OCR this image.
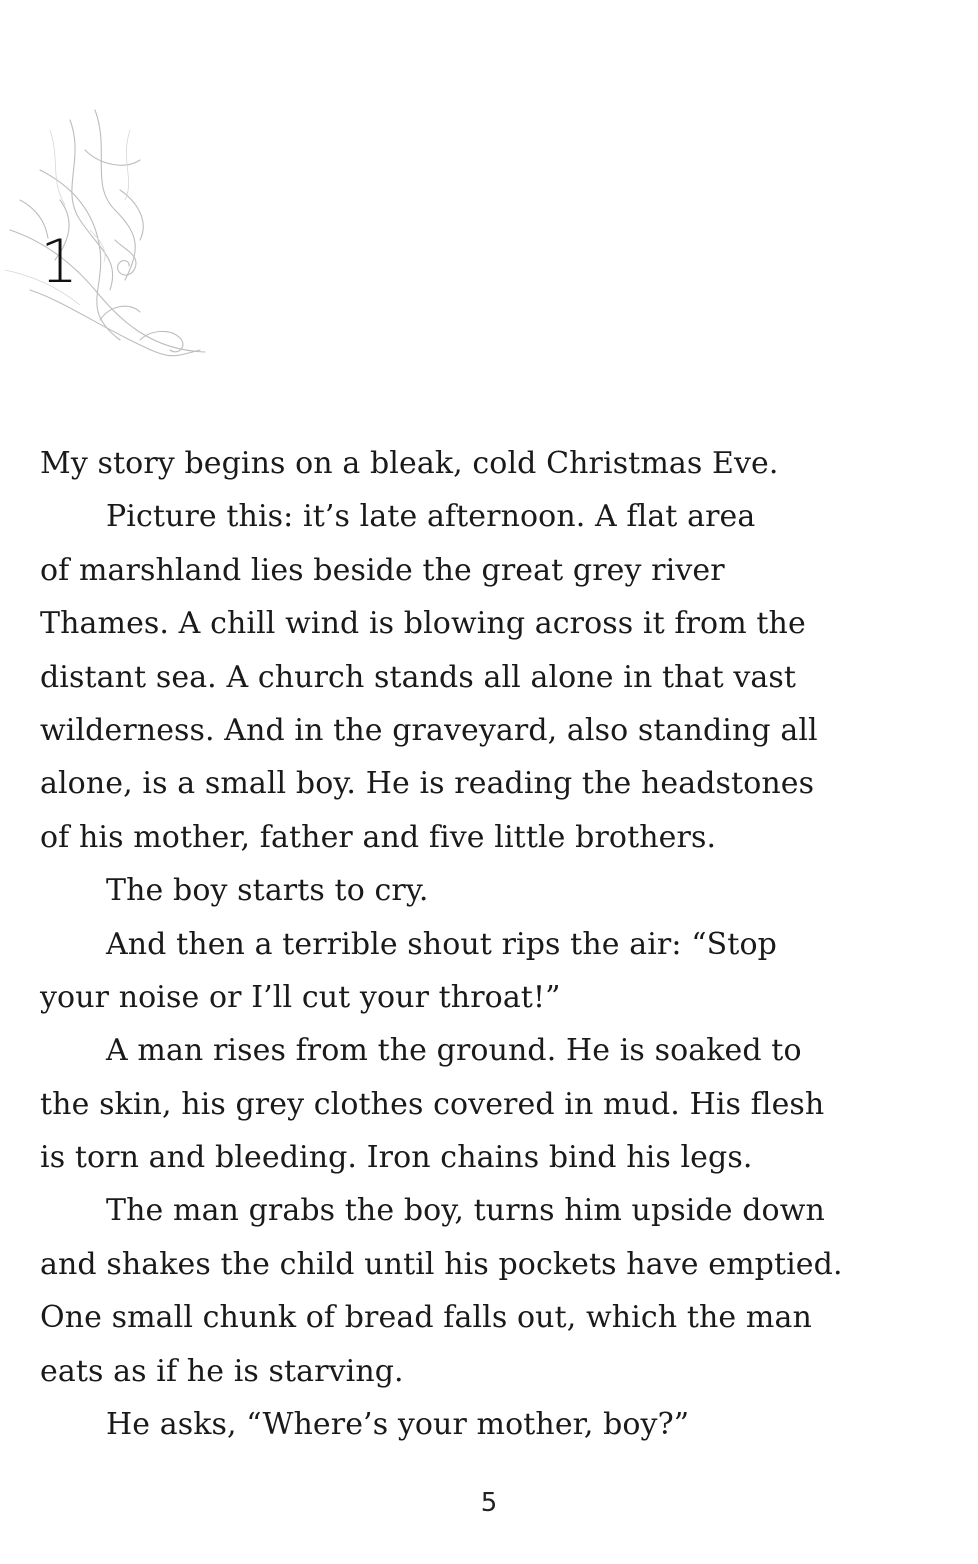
1
My story begins on a bleak, cold Christmas Eve.
Picture this: it’s late afternoon. A flat area
of marshland lies beside the great grey river
Thames. A chill wind is blowing across it from the
distant sea. A church stands all alone in that vast
wilderness. And in the graveyard, also standing all
alone, is a small boy. He is reading the headstones
of his mother, father and five little brothers.
The boy starts to cry.
And then a terrible shout rips the air: “Stop
your noise or I’ll cut your throat!”
A man rises from the ground. He is soaked to
the skin, his grey clothes covered in mud. His flesh
is torn and bleeding. Iron chains bind his legs.
The man grabs the boy, turns him upside down
and shakes the child until his pockets have emptied.
One small chunk of bread falls out, which the man
eats as if he is starving.
He asks, “Where’s your mother, boy?”
5
